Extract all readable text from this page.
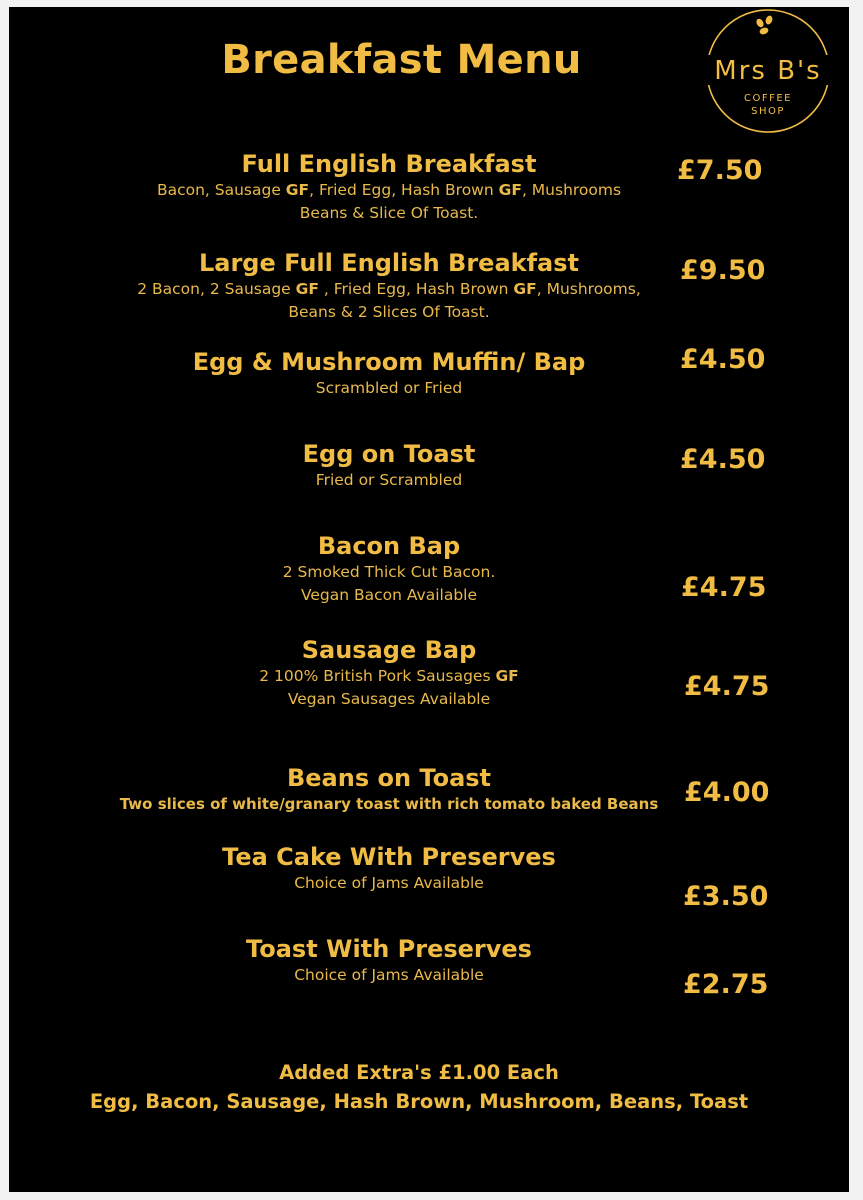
Breakfast Menu	Mrs B's
COFFEE
SHOP
Full English Breakfast
Bacon, Sausage GF, Fried Egg, Hash Brown GF, Mushrooms
Beans & Slice Of Toast.
£7.50
Large Full English Breakfast
2 Bacon, 2 Sausage GF , Fried Egg, Hash Brown GF, Mushrooms,
Beans & 2 Slices Of Toast.
£9.50
Egg & Mushroom Muffin/ Bap
Scrambled or Fried
£4.50
Egg on Toast
Fried or Scrambled
£4.50
Bacon Bap
2 Smoked Thick Cut Bacon.
Vegan Bacon Available	£4.75
Sausage Bap
2 100% British Pork Sausages GF
Vegan Sausages Available	£4.75
Beans on Toast
Two slices of white/granary toast with rich tomato baked Beans £4.00
Tea Cake With Preserves
Choice of Jams Available	£3.50
Toast With Preserves
Choice of Jams Available	£2.75
Added Extra's £1.00 Each
Egg, Bacon, Sausage, Hash Brown, Mushroom, Beans, Toast
